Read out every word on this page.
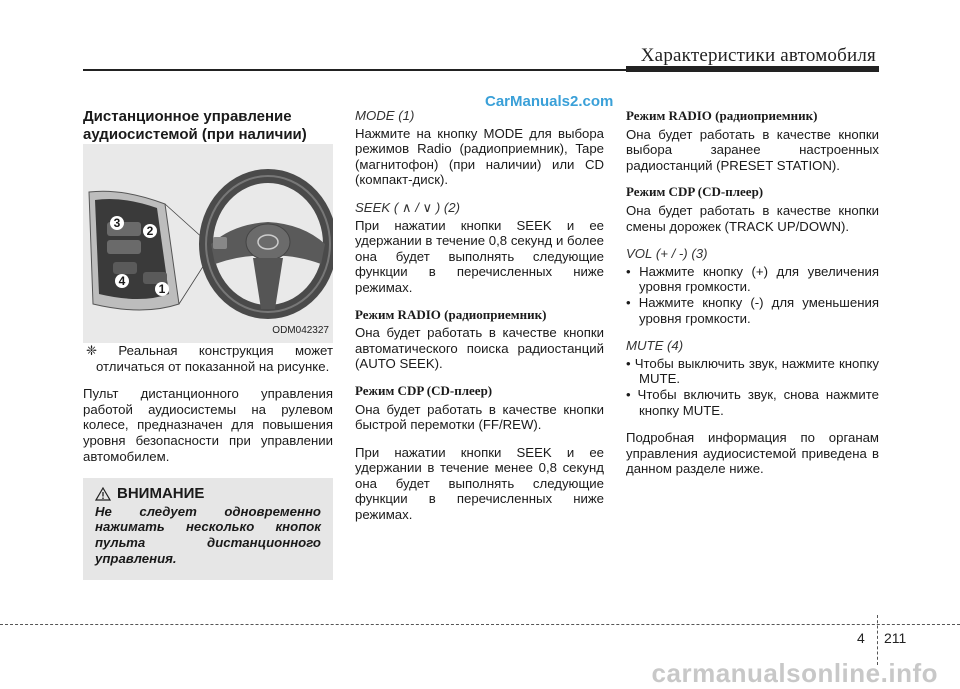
Характеристики автомобиля
CarManuals2.com

Дистанционное управление аудиосистемой (при наличии)

3
2
4
1
ODM042327

❈ Реальная конструкция может отличаться от показанной на рисунке.

Пульт дистанционного управления работой аудиосистемы на рулевом колесе, предназначен для повышения уровня безопасности при управлении автомобилем.

ВНИМАНИЕ
Не следует одновременно нажимать несколько кнопок пульта дистанционного управления.

MODE (1)

Нажмите на кнопку MODE для выбора режимов Radio (радиоприемник), Tape (магнитофон) (при наличии) или CD (компакт-диск).

SEEK ( ∧ / ∨ ) (2)

При нажатии кнопки SEEK и ее удержании в течение 0,8 секунд и более она будет выполнять следующие функции в перечисленных ниже режимах.

Режим RADIO (радиоприемник)

Она будет работать в качестве кнопки автоматического поиска радиостанций (AUTO SEEK).

Режим CDP (CD-плеер)

Она будет работать в качестве кнопки быстрой перемотки (FF/REW).

При нажатии кнопки SEEK и ее удержании в течение менее 0,8 секунд она будет выполнять следующие функции в перечисленных ниже режимах.

Режим RADIO (радиоприемник)

Она будет работать в качестве кнопки выбора заранее настроенных радиостанций (PRESET STATION).

Режим CDP (CD-плеер)

Она будет работать в качестве кнопки смены дорожек (TRACK UP/DOWN).

VOL (+ / -) (3)

• Нажмите кнопку (+) для увеличения уровня громкости.

• Нажмите кнопку (-) для уменьшения уровня громкости.

MUTE (4)

• Чтобы выключить звук, нажмите кнопку MUTE.

• Чтобы включить звук, снова нажмите кнопку MUTE.

Подробная информация по органам управления аудиосистемой приведена в данном разделе ниже.

4 211
carmanualsonline.info
